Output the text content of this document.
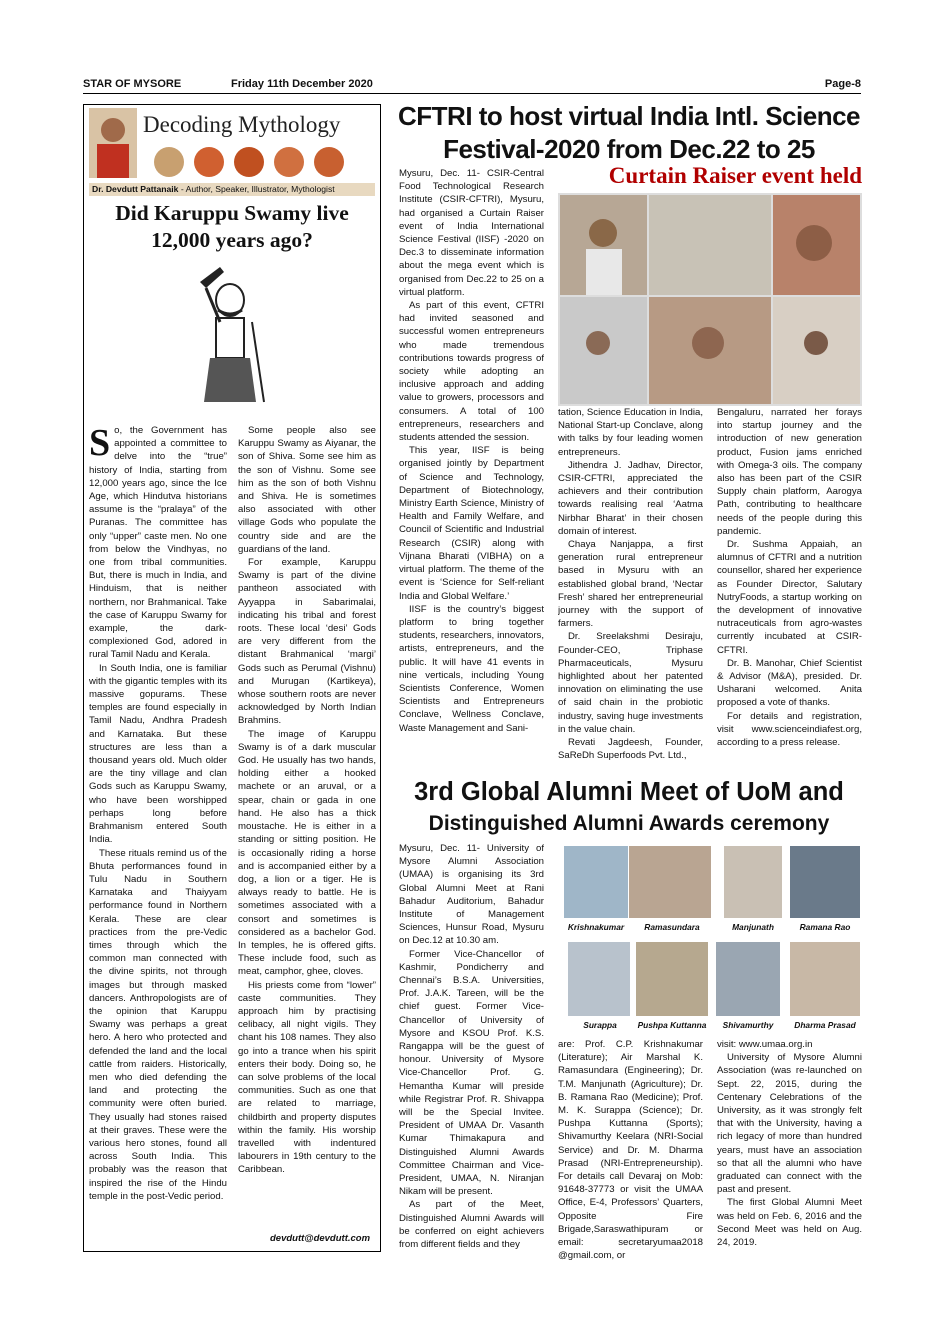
STAR OF MYSORE	Friday 11th December 2020	Page-8
Decoding Mythology
Dr. Devdutt Pattanaik - Author, Speaker, Illustrator, Mythologist
Did Karuppu Swamy live 12,000 years ago?

So, the Government has appointed a committee to delve into the “true” history of India, starting from 12,000 years ago, since the Ice Age, which Hindutva historians assume is the “pralaya” of the Puranas. The committee has only “upper” caste men. No one from below the Vindhyas, no one from tribal communities. But, there is much in India, and Hinduism, that is neither northern, nor Brahmanical. Take the case of Karuppu Swamy for example, the dark-complexioned God, adored in rural Tamil Nadu and Kerala.

In South India, one is familiar with the gigantic temples with its massive gopurams. These temples are found especially in Tamil Nadu, Andhra Pradesh and Karnataka. But these structures are less than a thousand years old. Much older are the tiny village and clan Gods such as Karuppu Swamy, who have been worshipped perhaps long before Brahmanism entered South India.

These rituals remind us of the Bhuta performances found in Tulu Nadu in Southern Karnataka and Thaiyyam performance found in Northern Kerala. These are clear practices from the pre-Vedic times through which the common man connected with the divine spirits, not through images but through masked dancers. Anthropologists are of the opinion that Karuppu Swamy was perhaps a great hero. A hero who protected and defended the land and the local cattle from raiders. Historically, men who died defending the land and protecting the community were often buried. They usually had stones raised at their graves. These were the various hero stones, found all across South India. This probably was the reason that inspired the rise of the Hindu temple in the post-Vedic period.

Some people also see Karuppu Swamy as Aiyanar, the son of Shiva. Some see him as the son of Vishnu. Some see him as the son of both Vishnu and Shiva. He is sometimes also associated with other village Gods who populate the country side and are the guardians of the land.

For example, Karuppu Swamy is part of the divine pantheon associated with Ayyappa in Sabarimalai, indicating his tribal and forest roots. These local ‘desi’ Gods are very different from the distant Brahmanical ‘margi’ Gods such as Perumal (Vishnu) and Murugan (Kartikeya), whose southern roots are never acknowledged by North Indian Brahmins.

The image of Karuppu Swamy is of a dark muscular God. He usually has two hands, holding either a hooked machete or an aruval, or a spear, chain or gada in one hand. He also has a thick moustache. He is either in a standing or sitting position. He is occasionally riding a horse and is accompanied either by a dog, a lion or a tiger. He is always ready to battle. He is sometimes associated with a consort and sometimes is considered as a bachelor God. In temples, he is offered gifts. These include food, such as meat, camphor, ghee, cloves.

His priests come from “lower” caste communities. They approach him by practising celibacy, all night vigils. They chant his 108 names. They also go into a trance when his spirit enters their body. Doing so, he can solve problems of the local communities. Such as one that are related to marriage, childbirth and property disputes within the family. His worship travelled with indentured labourers in 19th century to the Caribbean.

devdutt@devdutt.com
CFTRI to host virtual India Intl. Science Festival-2020 from Dec.22 to 25
Curtain Raiser event held

Mysuru, Dec. 11- CSIR-Central Food Technological Research Institute (CSIR-CFTRI), Mysuru, had organised a Curtain Raiser event of India International Science Festival (IISF) -2020 on Dec.3 to disseminate information about the mega event which is organised from Dec.22 to 25 on a virtual platform.

As part of this event, CFTRI had invited seasoned and successful women entrepreneurs who made tremendous contributions towards progress of society while adopting an inclusive approach and adding value to growers, processors and consumers. A total of 100 entrepreneurs, researchers and students attended the session.

This year, IISF is being organised jointly by Department of Science and Technology, Department of Biotechnology, Ministry Earth Science, Ministry of Health and Family Welfare, and Council of Scientific and Industrial Research (CSIR) along with Vijnana Bharati (VIBHA) on a virtual platform. The theme of the event is ‘Science for Self-reliant India and Global Welfare.’

IISF is the country’s biggest platform to bring together students, researchers, innovators, artists, entrepreneurs, and the public. It will have 41 events in nine verticals, including Young Scientists Conference, Women Scientists and Entrepreneurs Conclave, Wellness Conclave, Waste Management and Sani-

tation, Science Education in India, National Start-up Conclave, along with talks by four leading women entrepreneurs.

Jithendra J. Jadhav, Director, CSIR-CFTRI, appreciated the achievers and their contribution towards realising real ‘Aatma Nirbhar Bharat’ in their chosen domain of interest.

Chaya Nanjappa, a first generation rural entrepreneur based in Mysuru with an established global brand, ‘Nectar Fresh’ shared her entrepreneurial journey with the support of farmers.

Dr. Sreelakshmi Desiraju, Founder-CEO, Triphase Pharmaceuticals, Mysuru highlighted about her patented innovation on eliminating the use of said chain in the probiotic industry, saving huge investments in the value chain.

Revati Jagdeesh, Founder, SaReDh Superfoods Pvt. Ltd.,

Bengaluru, narrated her forays into startup journey and the introduction of new generation product, Fusion jams enriched with Omega-3 oils. The company also has been part of the CSIR Supply chain platform, Aarogya Path, contributing to healthcare needs of the people during this pandemic.

Dr. Sushma Appaiah, an alumnus of CFTRI and a nutrition counsellor, shared her experience as Founder Director, Salutary NutryFoods, a startup working on the development of innovative nutraceuticals from agro-wastes currently incubated at CSIR-CFTRI.

Dr. B. Manohar, Chief Scientist & Advisor (M&A), presided. Dr. Usharani welcomed. Anita proposed a vote of thanks.

For details and registration, visit www.scienceindiafest.org, according to a press release.

3rd Global Alumni Meet of UoM and
Distinguished Alumni Awards ceremony

Mysuru, Dec. 11- University of Mysore Alumni Association (UMAA) is organising its 3rd Global Alumni Meet at Rani Bahadur Auditorium, Bahadur Institute of Management Sciences, Hunsur Road, Mysuru on Dec.12 at 10.30 am.

Former Vice-Chancellor of Kashmir, Pondicherry and Chennai’s B.S.A. Universities, Prof. J.A.K. Tareen, will be the chief guest. Former Vice-Chancellor of University of Mysore and KSOU Prof. K.S. Rangappa will be the guest of honour. University of Mysore Vice-Chancellor Prof. G. Hemantha Kumar will preside while Registrar Prof. R. Shivappa will be the Special Invitee. President of UMAA Dr. Vasanth Kumar Thimakapura and Distinguished Alumni Awards Committee Chairman and Vice-President, UMAA, N. Niranjan Nikam will be present.

As part of the Meet, Distinguished Alumni Awards will be conferred on eight achievers from different fields and they

Krishnakumar	Ramasundara	Manjunath	Ramana Rao
Surappa	Pushpa Kuttanna	Shivamurthy	Dharma Prasad

are: Prof. C.P. Krishnakumar (Literature); Air Marshal K. Ramasundara (Engineering); Dr. T.M. Manjunath (Agriculture); Dr. B. Ramana Rao (Medicine); Prof. M. K. Surappa (Science); Dr. Pushpa Kuttanna (Sports); Shivamurthy Keelara (NRI-Social Service) and Dr. M. Dharma Prasad (NRI-Entrepreneurship). For details call Devaraj on Mob: 91648-37773 or visit the UMAA Office, E-4, Professors’ Quarters, Opposite Fire Brigade,Saraswathipuram or email: secretaryumaa2018 @gmail.com, or

visit: www.umaa.org.in

University of Mysore Alumni Association (was re-launched on Sept. 22, 2015, during the Centenary Celebrations of the University, as it was strongly felt that with the University, having a rich legacy of more than hundred years, must have an association so that all the alumni who have graduated can connect with the past and present.

The first Global Alumni Meet was held on Feb. 6, 2016 and the Second Meet was held on Aug. 24, 2019.
